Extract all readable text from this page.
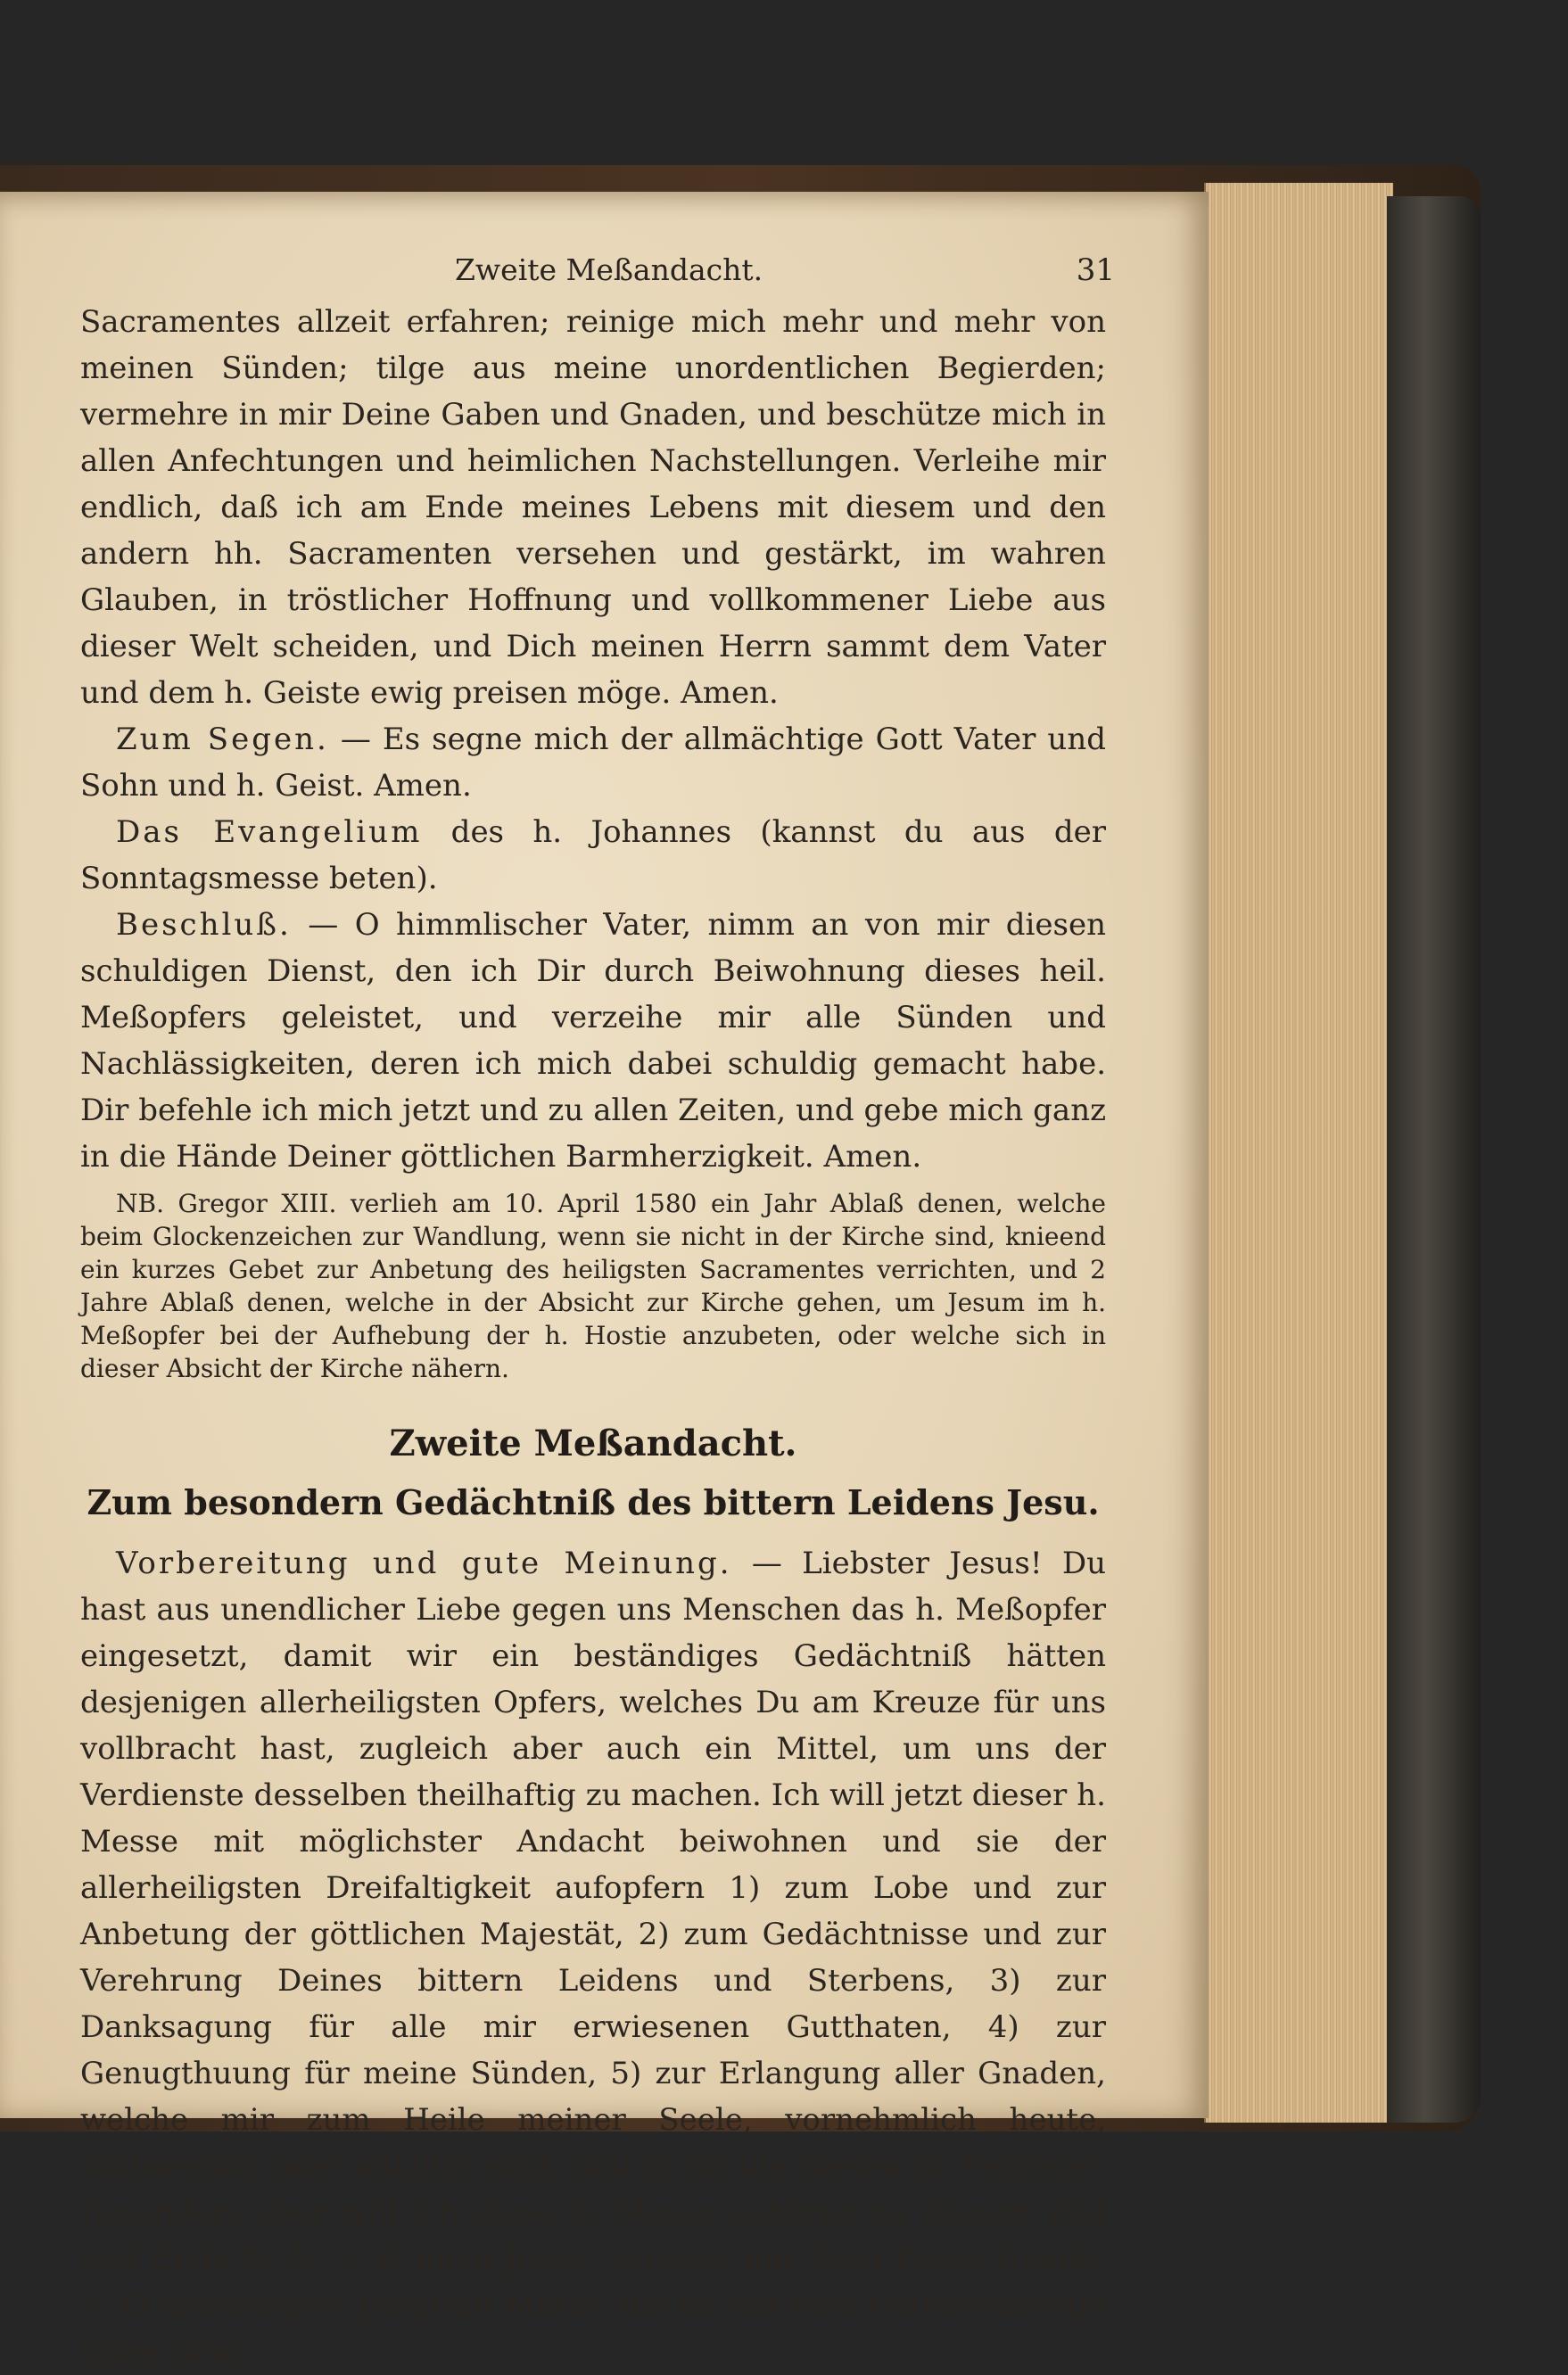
Zweite Meßandacht.	31

Sacramentes allzeit erfahren; reinige mich mehr und mehr von meinen Sünden; tilge aus meine unordentlichen Begierden; vermehre in mir Deine Gaben und Gnaden, und beschütze mich in allen Anfechtungen und heimlichen Nachstellungen. Verleihe mir endlich, daß ich am Ende meines Lebens mit diesem und den andern hh. Sacramenten versehen und gestärkt, im wahren Glauben, in tröstlicher Hoffnung und vollkommener Liebe aus dieser Welt scheiden, und Dich meinen Herrn sammt dem Vater und dem h. Geiste ewig preisen möge. Amen.

Zum Segen. — Es segne mich der allmächtige Gott Vater und Sohn und h. Geist. Amen.

Das Evangelium des h. Johannes (kannst du aus der Sonntagsmesse beten).

Beschluß. — O himmlischer Vater, nimm an von mir diesen schuldigen Dienst, den ich Dir durch Beiwohnung dieses heil. Meßopfers geleistet, und verzeihe mir alle Sünden und Nachlässigkeiten, deren ich mich dabei schuldig gemacht habe. Dir befehle ich mich jetzt und zu allen Zeiten, und gebe mich ganz in die Hände Deiner göttlichen Barmherzigkeit. Amen.

NB. Gregor XIII. verlieh am 10. April 1580 ein Jahr Ablaß denen, welche beim Glockenzeichen zur Wandlung, wenn sie nicht in der Kirche sind, knieend ein kurzes Gebet zur Anbetung des heiligsten Sacramentes verrichten, und 2 Jahre Ablaß denen, welche in der Absicht zur Kirche gehen, um Jesum im h. Meßopfer bei der Aufhebung der h. Hostie anzubeten, oder welche sich in dieser Absicht der Kirche nähern.

Zweite Meßandacht.
Zum besondern Gedächtniß des bittern Leidens Jesu.

Vorbereitung und gute Meinung. — Liebster Jesus! Du hast aus unendlicher Liebe gegen uns Menschen das h. Meßopfer eingesetzt, damit wir ein beständiges Gedächtniß hätten desjenigen allerheiligsten Opfers, welches Du am Kreuze für uns vollbracht hast, zugleich aber auch ein Mittel, um uns der Verdienste desselben theilhaftig zu machen. Ich will jetzt dieser h. Messe mit möglichster Andacht beiwohnen und sie der allerheiligsten Dreifaltigkeit aufopfern 1) zum Lobe und zur Anbetung der göttlichen Majestät, 2) zum Gedächtnisse und zur Verehrung Deines bittern Leidens und Sterbens, 3) zur Danksagung für alle mir erwiesenen Gutthaten, 4) zur Genugthuung für meine Sünden, 5) zur Erlangung aller Gnaden, welche mir zum Heile meiner Seele, vornehmlich heute, nothwendig oder nützlich sind, und 6) für die Seelen im Fegfeuer. Besonders aber will ich diese h. Messe anhören zu diesem Ziel und Ende N. N. — O mein Jesus, verleihe mir dazu Deine Gnade. — O allerseligste Jungfrau Maria! die du auf dem Calvarienberge unter dem
